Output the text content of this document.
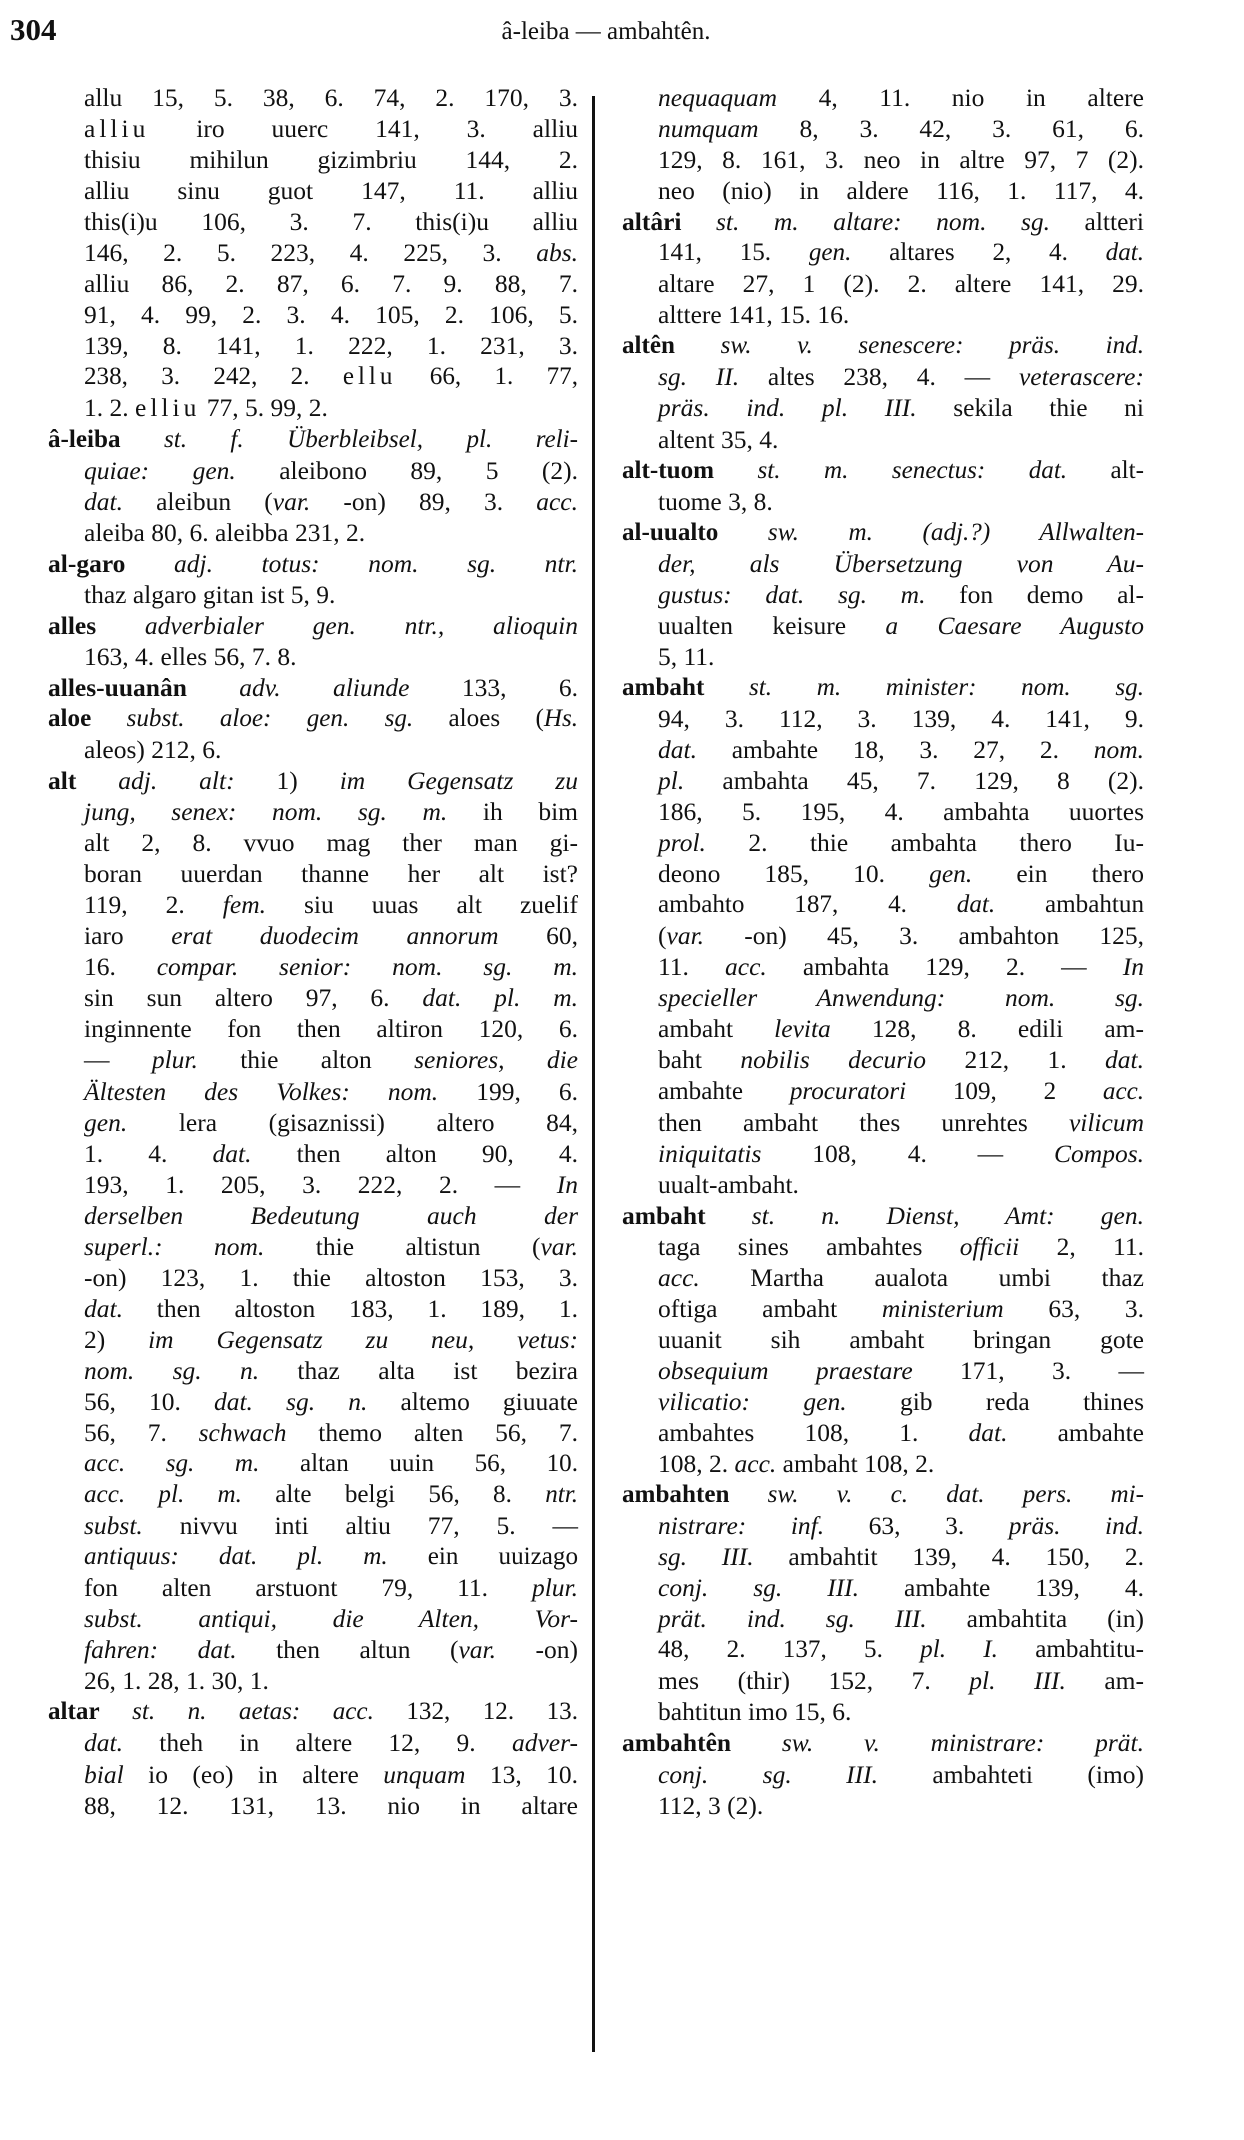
304	â-leiba — ambahtên.
allu 15, 5. 38, 6. 74, 2. 170, 3.
alliu iro uuerc 141, 3. alliu
thisiu mihilun gizimbriu 144, 2.
alliu sinu guot 147, 11. alliu
this(i)u 106, 3. 7. this(i)u alliu
146, 2. 5. 223, 4. 225, 3. abs.
alliu 86, 2. 87, 6. 7. 9. 88, 7.
91, 4. 99, 2. 3. 4. 105, 2. 106, 5.
139, 8. 141, 1. 222, 1. 231, 3.
238, 3. 242, 2. ellu 66, 1. 77,
1. 2. elliu 77, 5. 99, 2.
â-leiba st. f. Überbleibsel, pl. reli-
quiae: gen. aleibono 89, 5 (2).
dat. aleibun (var. -on) 89, 3. acc.
aleiba 80, 6. aleibba 231, 2.
al-garo adj. totus: nom. sg. ntr.
thaz algaro gitan ist 5, 9.
alles adverbialer gen. ntr., alioquin
163, 4. elles 56, 7. 8.
alles-uuanân adv. aliunde 133, 6.
aloe subst. aloe: gen. sg. aloes (Hs.
aleos) 212, 6.
alt adj. alt: 1) im Gegensatz zu
jung, senex: nom. sg. m. ih bim
alt 2, 8. vvuo mag ther man gi-
boran uuerdan thanne her alt ist?
119, 2. fem. siu uuas alt zuelif
iaro erat duodecim annorum 60,
16. compar. senior: nom. sg. m.
sin sun altero 97, 6. dat. pl. m.
inginnente fon then altiron 120, 6.
— plur. thie alton seniores, die
Ältesten des Volkes: nom. 199, 6.
gen. lera (gisaznissi) altero 84,
1. 4. dat. then alton 90, 4.
193, 1. 205, 3. 222, 2. — In
derselben Bedeutung auch der
superl.: nom. thie altistun (var.
-on) 123, 1. thie altoston 153, 3.
dat. then altoston 183, 1. 189, 1.
2) im Gegensatz zu neu, vetus:
nom. sg. n. thaz alta ist bezira
56, 10. dat. sg. n. altemo giuuate
56, 7. schwach themo alten 56, 7.
acc. sg. m. altan uuin 56, 10.
acc. pl. m. alte belgi 56, 8. ntr.
subst. nivvu inti altiu 77, 5. —
antiquus: dat. pl. m. ein uuizago
fon alten arstuont 79, 11. plur.
subst. antiqui, die Alten, Vor-
fahren: dat. then altun (var. -on)
26, 1. 28, 1. 30, 1.
altar st. n. aetas: acc. 132, 12. 13.
dat. theh in altere 12, 9. adver-
bial io (eo) in altere unquam 13, 10.
88, 12. 131, 13. nio in altare
nequaquam 4, 11. nio in altere
numquam 8, 3. 42, 3. 61, 6.
129, 8. 161, 3. neo in altre 97, 7 (2).
neo (nio) in aldere 116, 1. 117, 4.
altâri st. m. altare: nom. sg. altteri
141, 15. gen. altares 2, 4. dat.
altare 27, 1 (2). 2. altere 141, 29.
alttere 141, 15. 16.
altên sw. v. senescere: präs. ind.
sg. II. altes 238, 4. — veterascere:
präs. ind. pl. III. sekila thie ni
altent 35, 4.
alt-tuom st. m. senectus: dat. alt-
tuome 3, 8.
al-uualto sw. m. (adj.?) Allwalten-
der, als Übersetzung von Au-
gustus: dat. sg. m. fon demo al-
uualten keisure a Caesare Augusto
5, 11.
ambaht st. m. minister: nom. sg.
94, 3. 112, 3. 139, 4. 141, 9.
dat. ambahte 18, 3. 27, 2. nom.
pl. ambahta 45, 7. 129, 8 (2).
186, 5. 195, 4. ambahta uuortes
prol. 2. thie ambahta thero Iu-
deono 185, 10. gen. ein thero
ambahto 187, 4. dat. ambahtun
(var. -on) 45, 3. ambahton 125,
11. acc. ambahta 129, 2. — In
specieller Anwendung: nom. sg.
ambaht levita 128, 8. edili am-
baht nobilis decurio 212, 1. dat.
ambahte procuratori 109, 2 acc.
then ambaht thes unrehtes vilicum
iniquitatis 108, 4. — Compos.
uualt-ambaht.
ambaht st. n. Dienst, Amt: gen.
taga sines ambahtes officii 2, 11.
acc. Martha aualota umbi thaz
oftiga ambaht ministerium 63, 3.
uuanit sih ambaht bringan gote
obsequium praestare 171, 3. —
vilicatio: gen. gib reda thines
ambahtes 108, 1. dat. ambahte
108, 2. acc. ambaht 108, 2.
ambahten sw. v. c. dat. pers. mi-
nistrare: inf. 63, 3. präs. ind.
sg. III. ambahtit 139, 4. 150, 2.
conj. sg. III. ambahte 139, 4.
prät. ind. sg. III. ambahtita (in)
48, 2. 137, 5. pl. I. ambahtitu-
mes (thir) 152, 7. pl. III. am-
bahtitun imo 15, 6.
ambahtên sw. v. ministrare: prät.
conj. sg. III. ambahteti (imo)
112, 3 (2).
